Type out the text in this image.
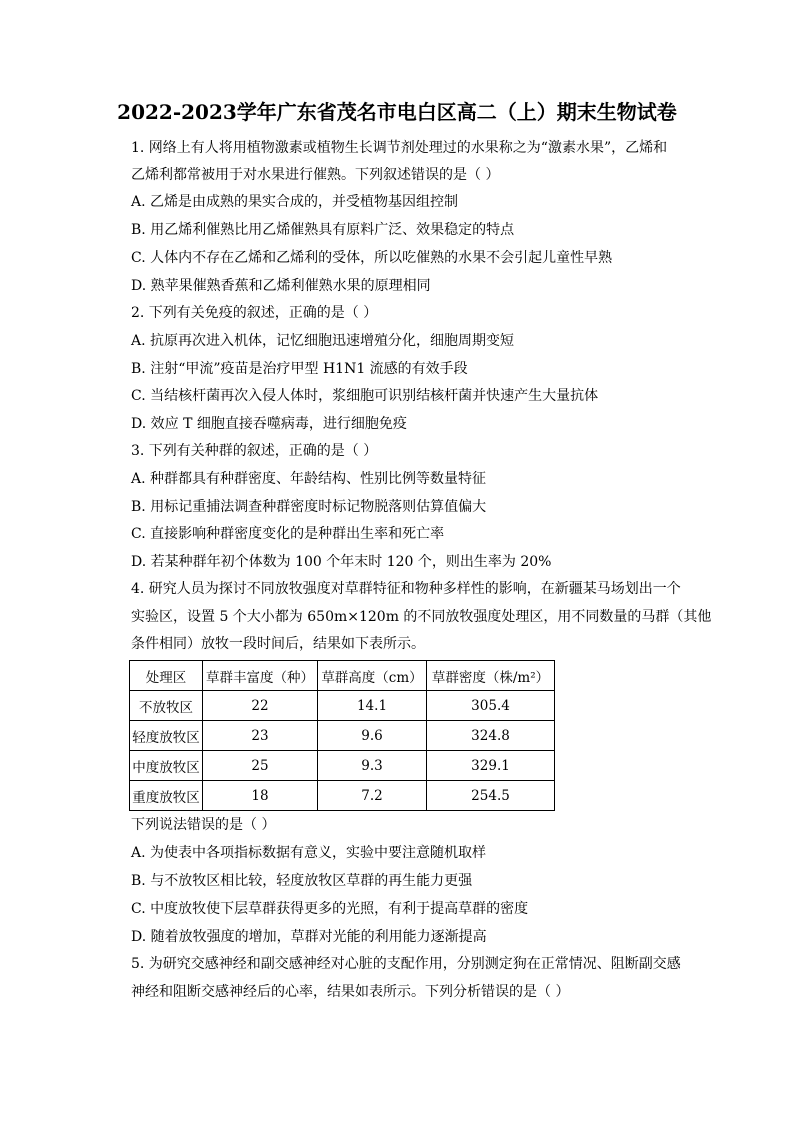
2022-2023学年广东省茂名市电白区高二（上）期末生物试卷
1. 网络上有人将用植物激素或植物生长调节剂处理过的水果称之为“激素水果”，乙烯和
乙烯利都常被用于对水果进行催熟。下列叙述错误的是（ ）
A. 乙烯是由成熟的果实合成的，并受植物基因组控制
B. 用乙烯利催熟比用乙烯催熟具有原料广泛、效果稳定的特点
C. 人体内不存在乙烯和乙烯利的受体，所以吃催熟的水果不会引起儿童性早熟
D. 熟苹果催熟香蕉和乙烯利催熟水果的原理相同
2. 下列有关免疫的叙述，正确的是（ ）
A. 抗原再次进入机体，记忆细胞迅速增殖分化，细胞周期变短
B. 注射“甲流”疫苗是治疗甲型 H1N1 流感的有效手段
C. 当结核杆菌再次入侵人体时，浆细胞可识别结核杆菌并快速产生大量抗体
D. 效应 T 细胞直接吞噬病毒，进行细胞免疫
3. 下列有关种群的叙述，正确的是（ ）
A. 种群都具有种群密度、年龄结构、性别比例等数量特征
B. 用标记重捕法调查种群密度时标记物脱落则估算值偏大
C. 直接影响种群密度变化的是种群出生率和死亡率
D. 若某种群年初个体数为 100 个年末时 120 个，则出生率为 20%
4. 研究人员为探讨不同放牧强度对草群特征和物种多样性的影响，在新疆某马场划出一个
实验区，设置 5 个大小都为 650m×120m 的不同放牧强度处理区，用不同数量的马群（其他
条件相同）放牧一段时间后，结果如下表所示。
处理区	草群丰富度（种）	草群高度（cm）	草群密度（株/m²）
不放牧区	22	14.1	305.4
轻度放牧区	23	9.6	324.8
中度放牧区	25	9.3	329.1
重度放牧区	18	7.2	254.5
下列说法错误的是（ ）
A. 为使表中各项指标数据有意义，实验中要注意随机取样
B. 与不放牧区相比较，轻度放牧区草群的再生能力更强
C. 中度放牧使下层草群获得更多的光照，有利于提高草群的密度
D. 随着放牧强度的增加，草群对光能的利用能力逐渐提高
5. 为研究交感神经和副交感神经对心脏的支配作用，分别测定狗在正常情况、阻断副交感
神经和阻断交感神经后的心率，结果如表所示。下列分析错误的是（ ）
